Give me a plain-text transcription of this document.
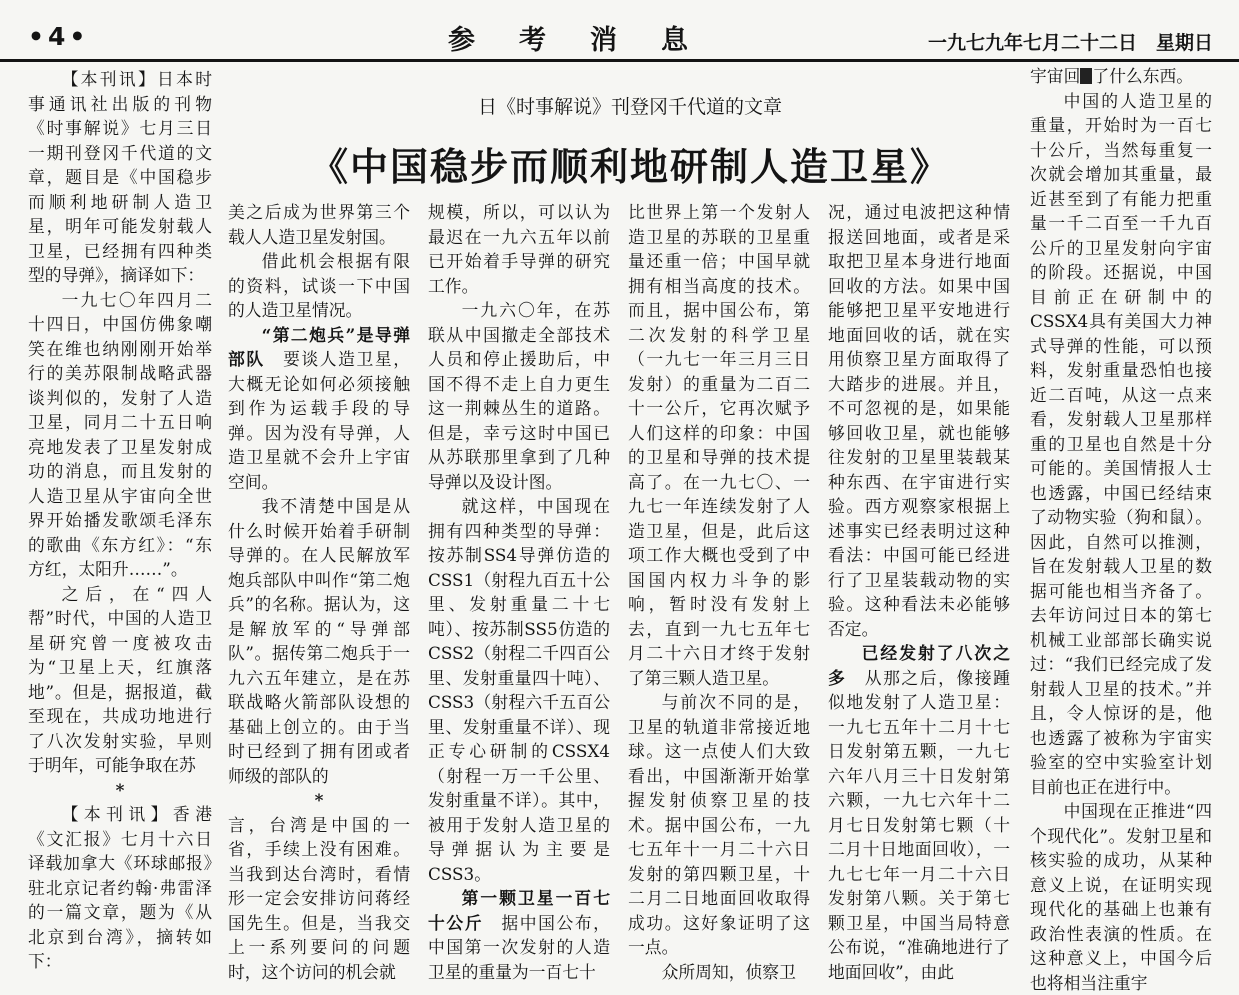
•4•	参考消息	一九七九年七月二十二日　星期日
日《时事解说》刊登冈千代道的文章
《中国稳步而顺利地研制人造卫星》

【本刊讯】日本时事通讯社出版的刊物《时事解说》七月三日一期刊登冈千代道的文章，题目是《中国稳步而顺利地研制人造卫星，明年可能发射载人卫星，已经拥有四种类型的导弹》，摘译如下：

一九七〇年四月二十四日，中国仿佛象嘲笑在维也纳刚刚开始举行的美苏限制战略武器谈判似的，发射了人造卫星，同月二十五日响亮地发表了卫星发射成功的消息，而且发射的人造卫星从宇宙向全世界开始播发歌颂毛泽东的歌曲《东方红》：“东方红，太阳升……”。

之后，在“四人帮”时代，中国的人造卫星研究曾一度被攻击为“卫星上天，红旗落地”。但是，据报道，截至现在，共成功地进行了八次发射实验，早则于明年，可能争取在苏

*

【本刊讯】香港《文汇报》七月十六日译载加拿大《环球邮报》驻北京记者约翰·弗雷泽的一篇文章，题为《从北京到台湾》，摘转如下：

美之后成为世界第三个载人人造卫星发射国。

借此机会根据有限的资料，试谈一下中国的人造卫星情况。

“第二炮兵”是导弹部队　 要谈人造卫星，大概无论如何必须接触到作为运载手段的导弹。因为没有导弹，人造卫星就不会升上宇宙空间。

我不清楚中国是从什么时候开始着手研制导弹的。在人民解放军炮兵部队中叫作“第二炮兵”的名称。据认为，这是解放军的“导弹部队”。据传第二炮兵于一九六五年建立，是在苏联战略火箭部队设想的基础上创立的。由于当时已经到了拥有团或者师级的部队的

*

言，台湾是中国的一省，手续上没有困难。当我到达台湾时，看情形一定会安排访问蒋经国先生。但是，当我交上一系列要问的问题时，这个访问的机会就

规模，所以，可以认为最迟在一九六五年以前已开始着手导弹的研究工作。

一九六〇年，在苏联从中国撤走全部技术人员和停止援助后，中国不得不走上自力更生这一荆棘丛生的道路。但是，幸亏这时中国已从苏联那里拿到了几种导弹以及设计图。

就这样，中国现在拥有四种类型的导弹：按苏制SS4导弹仿造的CSS1（射程九百五十公里、发射重量二十七吨）、按苏制SS5仿造的CSS2（射程二千四百公里、发射重量四十吨）、CSS3（射程六千五百公里、发射重量不详）、现正专心研制的CSSX4（射程一万一千公里、发射重量不详）。其中，被用于发射人造卫星的导弹据认为主要是CSS3。

第一颗卫星一百七十公斤　 据中国公布，中国第一次发射的人造卫星的重量为一百七十

比世界上第一个发射人造卫星的苏联的卫星重量还重一倍；中国早就拥有相当高度的技术。而且，据中国公布，第二次发射的科学卫星（一九七一年三月三日发射）的重量为二百二十一公斤，它再次赋予人们这样的印象：中国的卫星和导弹的技术提高了。在一九七〇、一九七一年连续发射了人造卫星，但是，此后这项工作大概也受到了中国国内权力斗争的影响，暂时没有发射上去，直到一九七五年七月二十六日才终于发射了第三颗人造卫星。

与前次不同的是，卫星的轨道非常接近地球。这一点使人们大致看出，中国渐渐开始掌握发射侦察卫星的技术。据中国公布，一九七五年十一月二十六日发射的第四颗卫星，十二月二日地面回收取得成功。这好象证明了这一点。

众所周知，侦察卫

况，通过电波把这种情报送回地面，或者是采取把卫星本身进行地面回收的方法。如果中国能够把卫星平安地进行地面回收的话，就在实用侦察卫星方面取得了大踏步的进展。并且，不可忽视的是，如果能够回收卫星，就也能够往发射的卫星里装载某种东西、在宇宙进行实验。西方观察家根据上述事实已经表明过这种看法：中国可能已经进行了卫星装载动物的实验。这种看法未必能够否定。

已经发射了八次之多　 从那之后，像接踵似地发射了人造卫星：一九七五年十二月十七日发射第五颗，一九七六年八月三十日发射第六颗，一九七六年十二月七日发射第七颗（十二月十日地面回收），一九七七年一月二十六日发射第八颗。关于第七颗卫星，中国当局特意公布说，“准确地进行了地面回收”，由此

宇宙回 了什么东西。

中国的人造卫星的重量，开始时为一百七十公斤，当然每重复一次就会增加其重量，最近甚至到了有能力把重量一千二百至一千九百公斤的卫星发射向宇宙的阶段。还据说，中国目前正在研制中的CSSX4具有美国大力神式导弹的性能，可以预料，发射重量恐怕也接近二百吨，从这一点来看，发射载人卫星那样重的卫星也自然是十分可能的。美国情报人士也透露，中国已经结束了动物实验（狗和鼠）。因此，自然可以推测，旨在发射载人卫星的数据可能也相当齐备了。去年访问过日本的第七机械工业部部长确实说过：“我们已经完成了发射载人卫星的技术。”并且，令人惊讶的是，他也透露了被称为宇宙实验室的空中实验室计划目前也正在进行中。

中国现在正推进“四个现代化”。发射卫星和核实验的成功，从某种意义上说，在证明实现现代化的基础上也兼有政治性表演的性质。在这种意义上，中国今后也将相当注重宇
